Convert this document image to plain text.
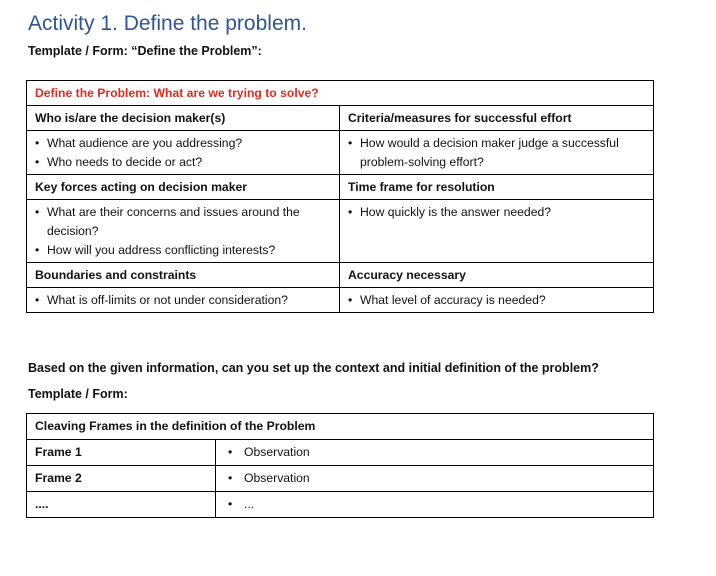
Activity 1. Define the problem.
Template / Form: “Define the Problem”:
Define the Problem: What are we trying to solve?	
Who is/are the decision maker(s)	Criteria/measures for successful effort

• What audience are you addressing?
• Who needs to decide or act?	• How would a decision maker judge a successful problem-solving effort?

Key forces acting on decision maker	Time frame for resolution

• What are their concerns and issues around the decision?
• How will you address conflicting interests?	• How quickly is the answer needed?

Boundaries and constraints	Accuracy necessary

• What is off-limits or not under consideration?	• What level of accuracy is needed?
Based on the given information, can you set up the context and initial definition of the problem?
Template / Form:
Cleaving Frames in the definition of the Problem	
Frame 1	• Observation

Frame 2	• Observation

....	• ...
